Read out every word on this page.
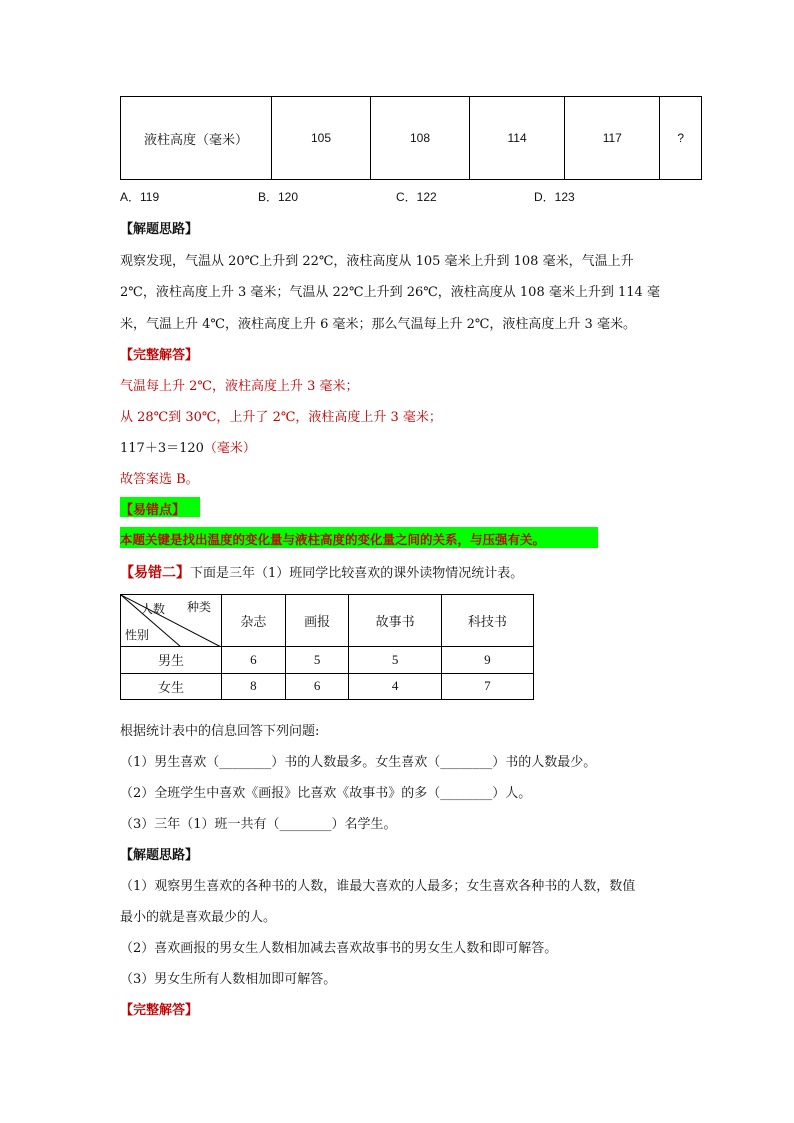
液柱高度（毫米）	105	108	114	117	?
A．119	B．120	C．122	D．123
【解题思路】
观察发现，气温从 20℃上升到 22℃，液柱高度从 105 毫米上升到 108 毫米，气温上升
2℃，液柱高度上升 3 毫米；气温从 22℃上升到 26℃，液柱高度从 108 毫米上升到 114 毫
米，气温上升 4℃，液柱高度上升 6 毫米；那么气温每上升 2℃，液柱高度上升 3 毫米。
【完整解答】
气温每上升 2℃，液柱高度上升 3 毫米；
从 28℃到 30℃，上升了 2℃，液柱高度上升 3 毫米；
117＋3＝120（毫米）
故答案选 B。
【易错点】
本题关键是找出温度的变化量与液柱高度的变化量之间的关系，与压强有关。
【易错二】下面是三年（1）班同学比较喜欢的课外读物情况统计表。
人数 种类
性别	杂志	画报	故事书	科技书
男生	6	5	5	9
女生	8	6	4	7
根据统计表中的信息回答下列问题:
（1）男生喜欢（________）书的人数最多。女生喜欢（________）书的人数最少。
（2）全班学生中喜欢《画报》比喜欢《故事书》的多（________）人。
（3）三年（1）班一共有（________）名学生。
【解题思路】
（1）观察男生喜欢的各种书的人数，谁最大喜欢的人最多；女生喜欢各种书的人数，数值
最小的就是喜欢最少的人。
（2）喜欢画报的男女生人数相加减去喜欢故事书的男女生人数和即可解答。
（3）男女生所有人数相加即可解答。
【完整解答】
